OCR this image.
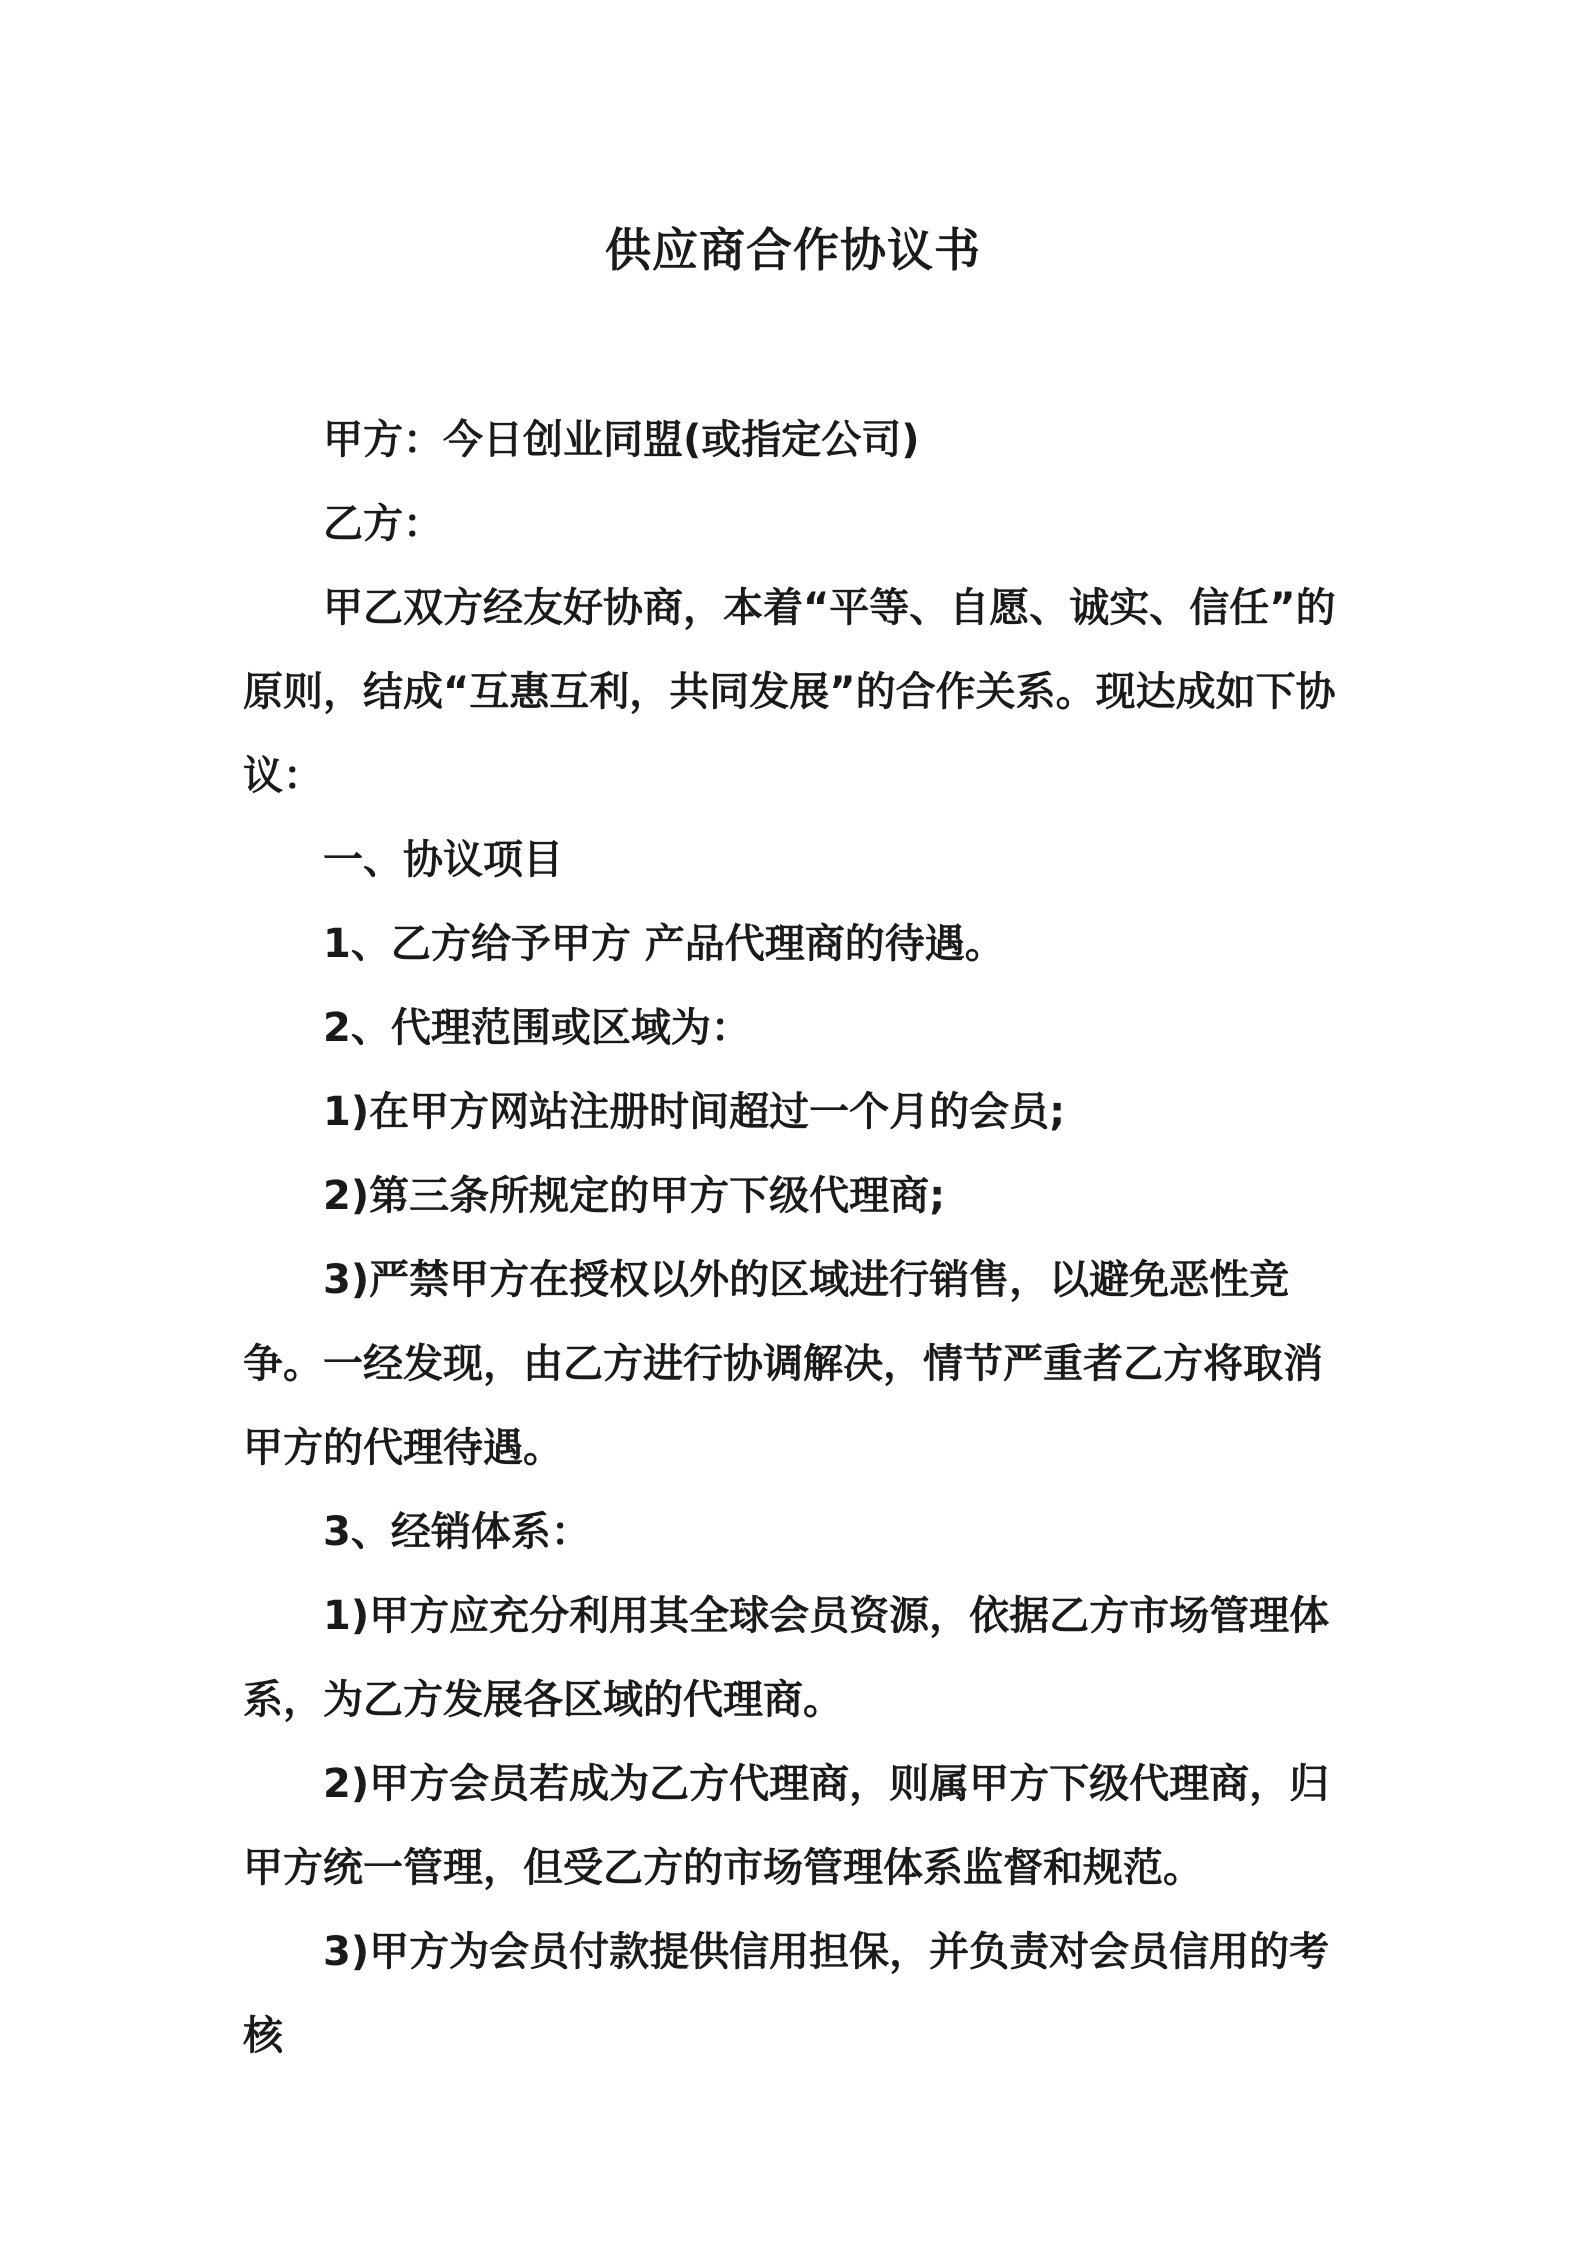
供应商合作协议书

甲方：今日创业同盟(或指定公司)

乙方：

甲乙双方经友好协商，本着“平等、自愿、诚实、信任”的原则，结成“互惠互利，共同发展”的合作关系。现达成如下协议：

一、协议项目

1、乙方给予甲方 产品代理商的待遇。

2、代理范围或区域为：

1)在甲方网站注册时间超过一个月的会员;

2)第三条所规定的甲方下级代理商;

3)严禁甲方在授权以外的区域进行销售，以避免恶性竞争。一经发现，由乙方进行协调解决，情节严重者乙方将取消甲方的代理待遇。

3、经销体系：

1)甲方应充分利用其全球会员资源，依据乙方市场管理体系，为乙方发展各区域的代理商。

2)甲方会员若成为乙方代理商，则属甲方下级代理商，归甲方统一管理，但受乙方的市场管理体系监督和规范。

3)甲方为会员付款提供信用担保，并负责对会员信用的考核
